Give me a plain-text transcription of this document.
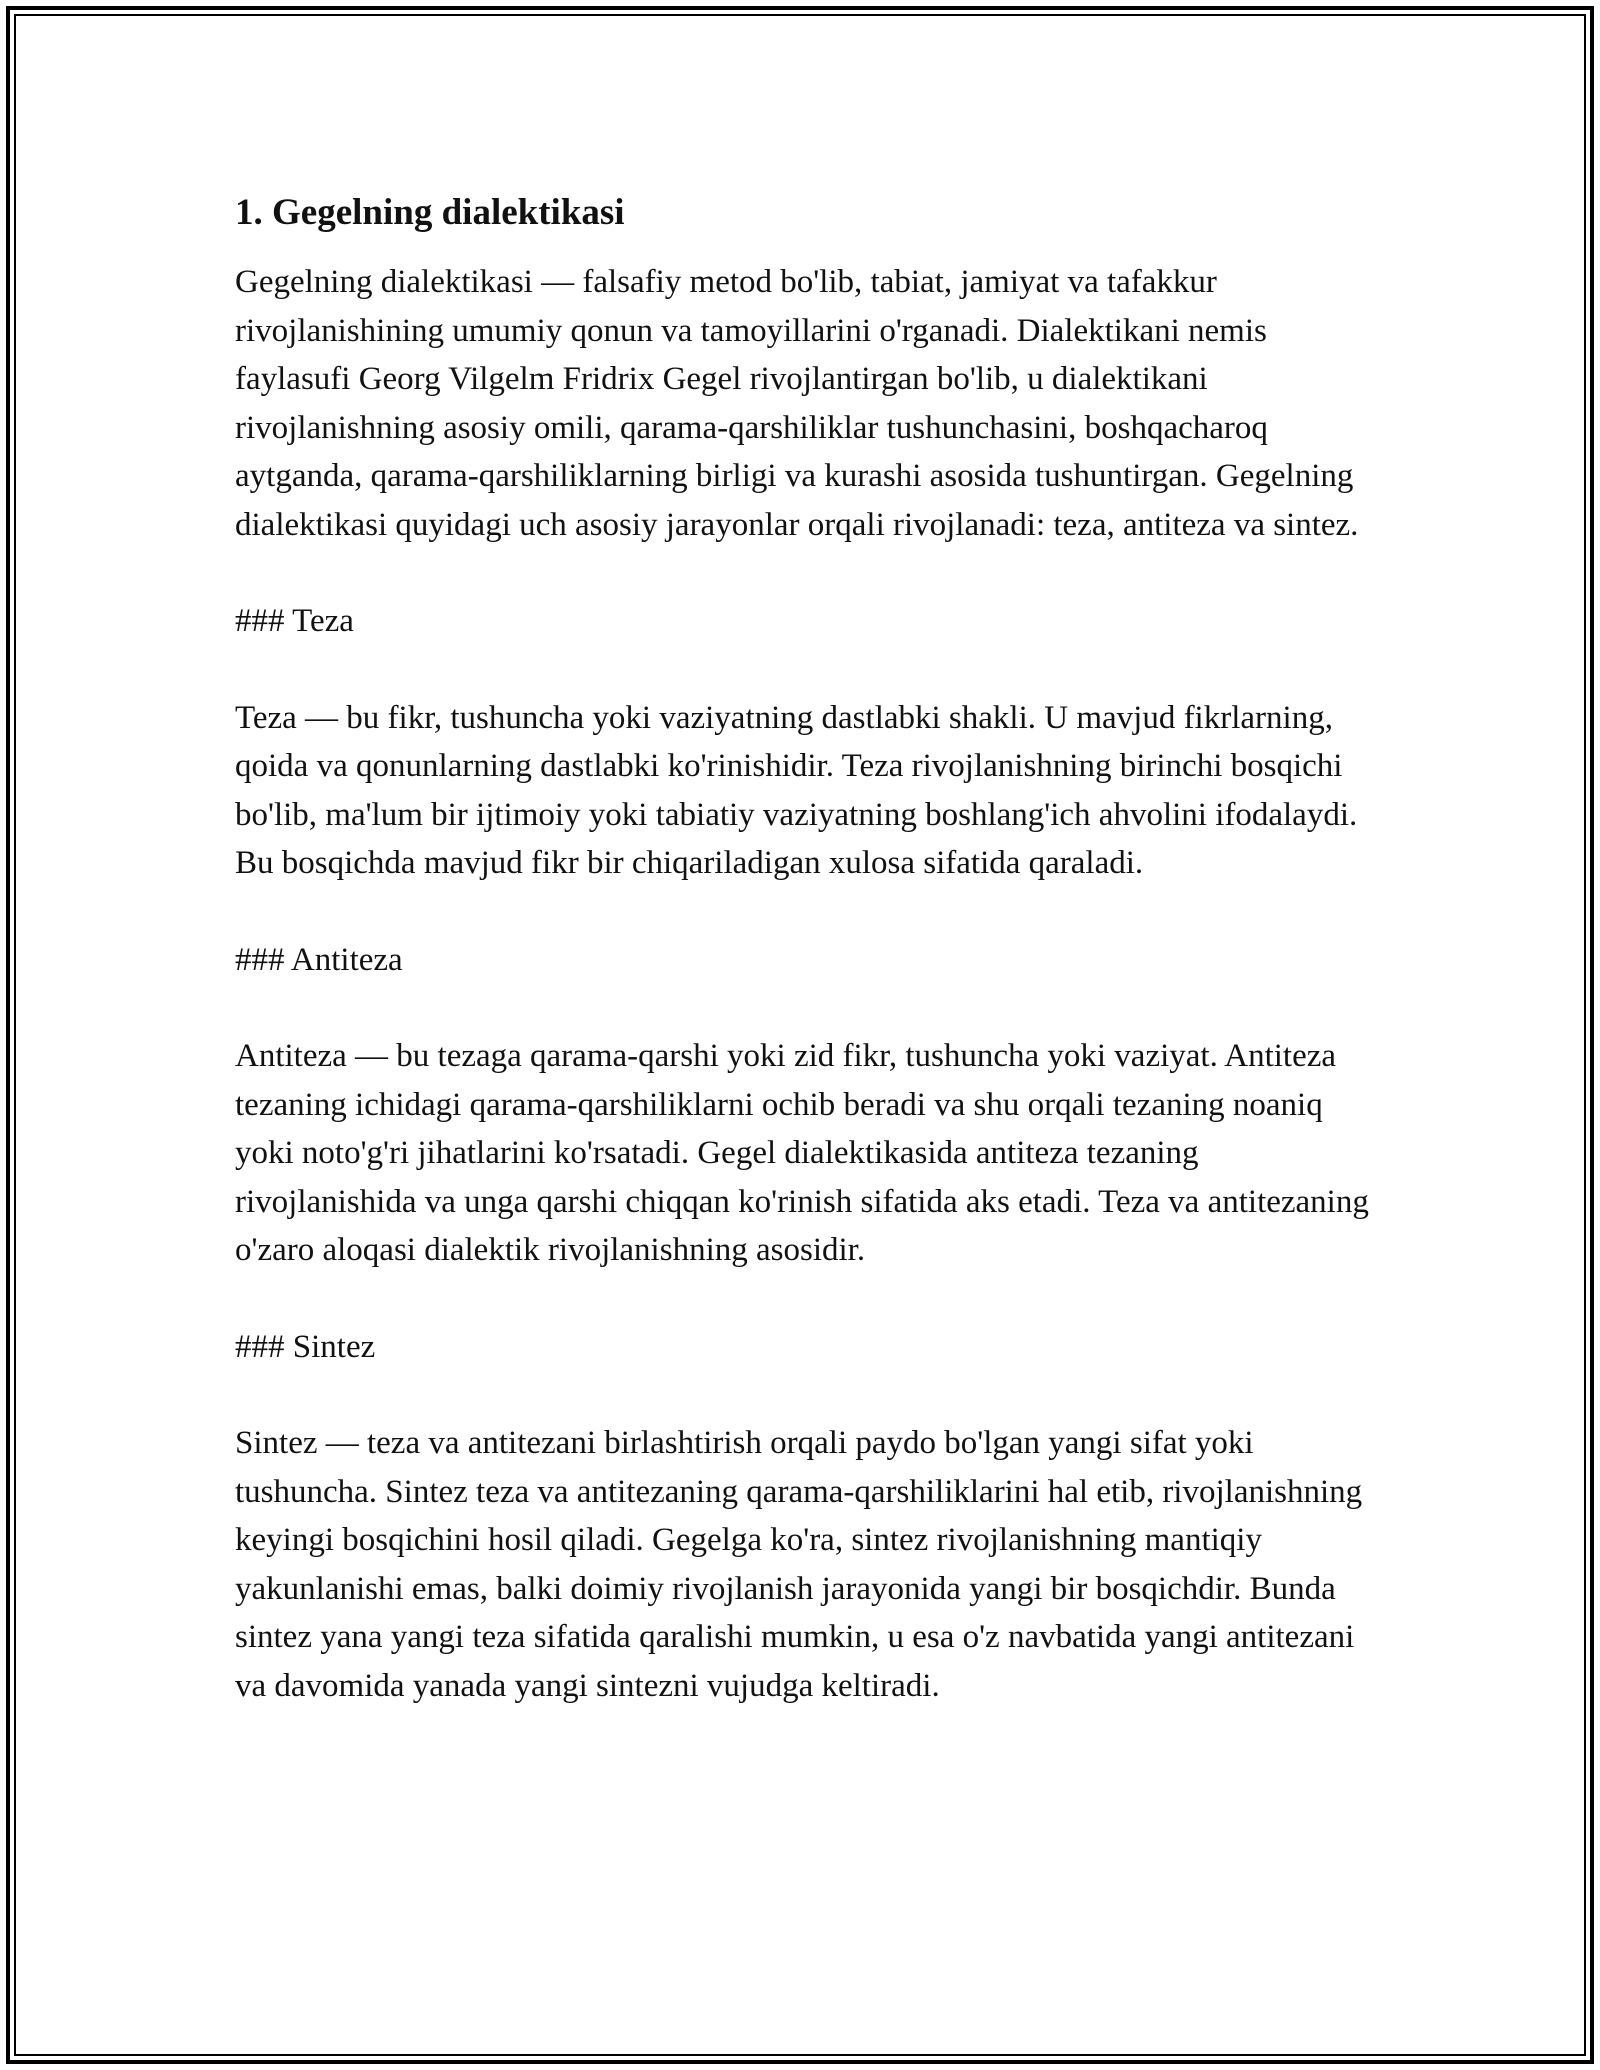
1. Gegelning dialektikasi

Gegelning dialektikasi — falsafiy metod bo'lib, tabiat, jamiyat va tafakkur rivojlanishining umumiy qonun va tamoyillarini o'rganadi. Dialektikani nemis faylasufi Georg Vilgelm Fridrix Gegel rivojlantirgan bo'lib, u dialektikani rivojlanishning asosiy omili, qarama-qarshiliklar tushunchasini, boshqacharoq aytganda, qarama-qarshiliklarning birligi va kurashi asosida tushuntirgan. Gegelning dialektikasi quyidagi uch asosiy jarayonlar orqali rivojlanadi: teza, antiteza va sintez.

### Teza

Teza — bu fikr, tushuncha yoki vaziyatning dastlabki shakli. U mavjud fikrlarning, qoida va qonunlarning dastlabki ko'rinishidir. Teza rivojlanishning birinchi bosqichi bo'lib, ma'lum bir ijtimoiy yoki tabiatiy vaziyatning boshlang'ich ahvolini ifodalaydi. Bu bosqichda mavjud fikr bir chiqariladigan xulosa sifatida qaraladi.

### Antiteza

Antiteza — bu tezaga qarama-qarshi yoki zid fikr, tushuncha yoki vaziyat. Antiteza tezaning ichidagi qarama-qarshiliklarni ochib beradi va shu orqali tezaning noaniq yoki noto'g'ri jihatlarini ko'rsatadi. Gegel dialektikasida antiteza tezaning rivojlanishida va unga qarshi chiqqan ko'rinish sifatida aks etadi. Teza va antitezaning o'zaro aloqasi dialektik rivojlanishning asosidir.

### Sintez

Sintez — teza va antitezani birlashtirish orqali paydo bo'lgan yangi sifat yoki tushuncha. Sintez teza va antitezaning qarama-qarshiliklarini hal etib, rivojlanishning keyingi bosqichini hosil qiladi. Gegelga ko'ra, sintez rivojlanishning mantiqiy yakunlanishi emas, balki doimiy rivojlanish jarayonida yangi bir bosqichdir. Bunda sintez yana yangi teza sifatida qaralishi mumkin, u esa o'z navbatida yangi antitezani va davomida yanada yangi sintezni vujudga keltiradi.
